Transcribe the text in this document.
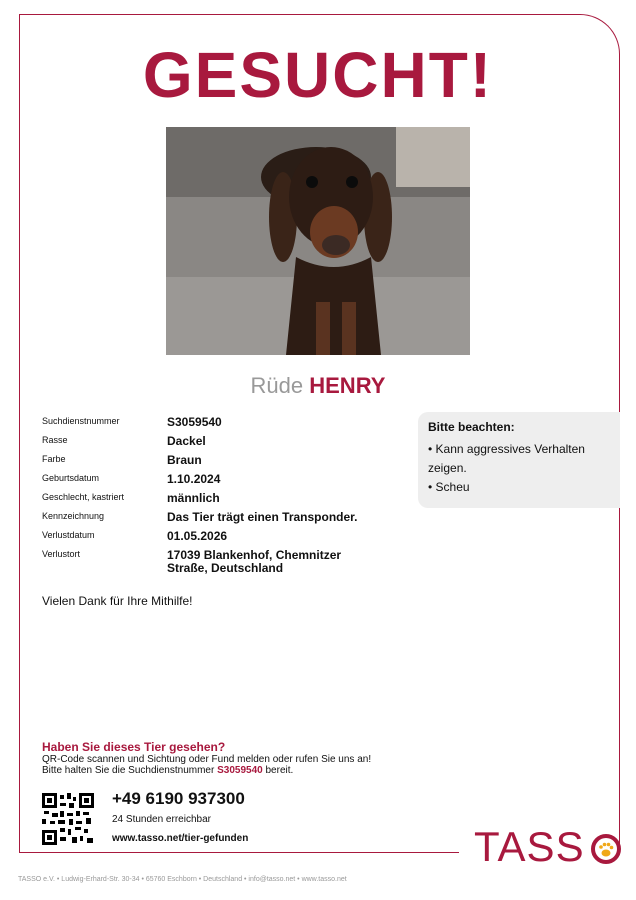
GESUCHT!
Rüde HENRY
Suchdienstnummer	S3059540
Rasse	Dackel
Farbe	Braun
Geburtsdatum	1.10.2024
Geschlecht, kastriert	männlich
Kennzeichnung	Das Tier trägt einen Transponder.
Verlustdatum	01.05.2026
Verlustort	17039 Blankenhof, Chemnitzer Straße, Deutschland
Bitte beachten:
• Kann aggressives Verhalten zeigen.
• Scheu
Vielen Dank für Ihre Mithilfe!
Haben Sie dieses Tier gesehen?
QR-Code scannen und Sichtung oder Fund melden oder rufen Sie uns an!
Bitte halten Sie die Suchdienstnummer S3059540 bereit.
+49 6190 937300
24 Stunden erreichbar
www.tasso.net/tier-gefunden	TASS
TASSO e.V. • Ludwig-Erhard-Str. 30-34 • 65760 Eschborn • Deutschland • info@tasso.net • www.tasso.net
